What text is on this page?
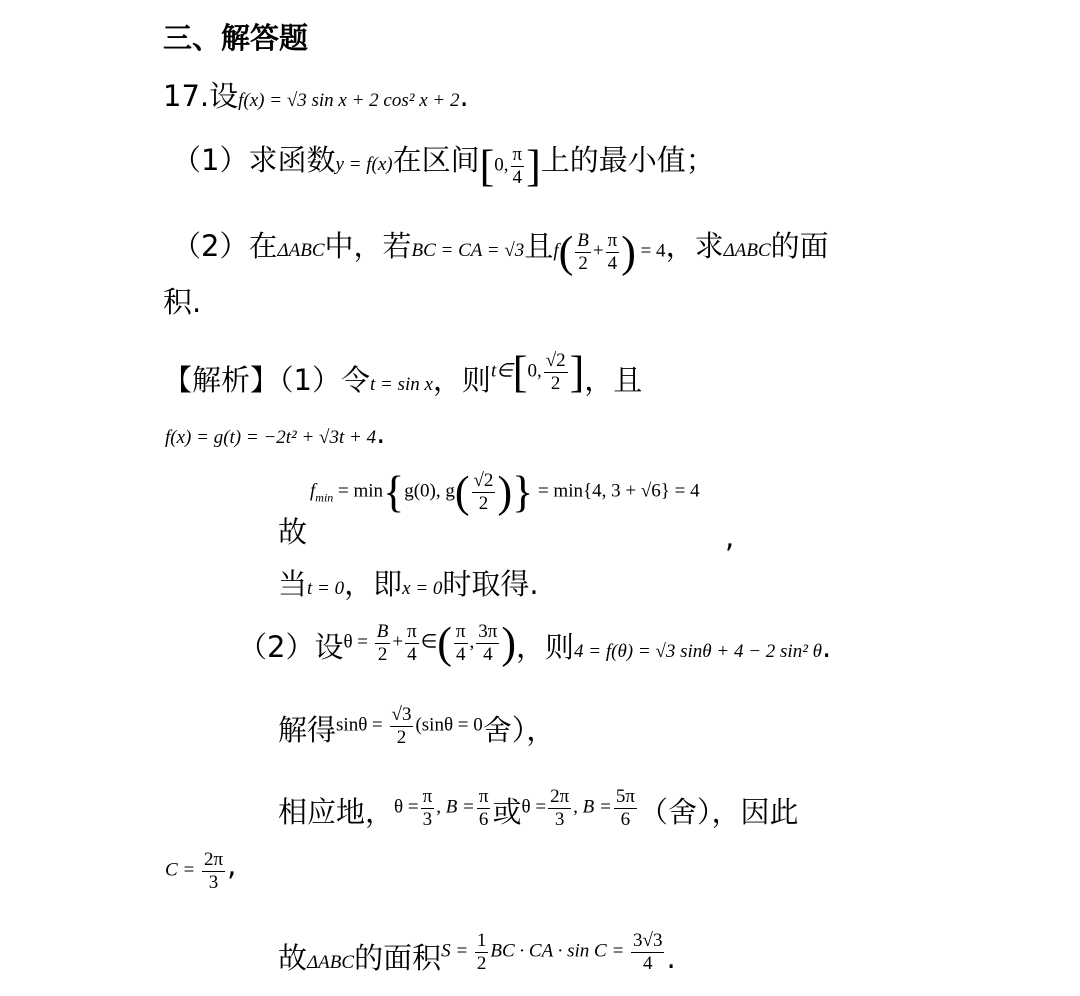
三、解答题
17.设f(x) = √3 sin x + 2 cos² x + 2.
（1）求函数y = f(x)在区间[0, $\frac{\pi}{4}$ ]上的最小值；
（2）在ΔABC中，若BC = CA = √3且$f( \frac{B}{2} + \frac{\pi}{4}$ ) = 4，求ΔABC的面
积.
【解析】（1）令t = sin x，则t∈[0, $\frac{√2}{2}$ ]，且
f(x) = g(t) = −2t² + √3t + 4.
$f_{min} = \min\{g(0)$, $g( \frac{√2}{2}$ )} = min{4, 3 + √6} = 4
故	,
当t = 0，即x = 0时取得.
（2）设$\theta = \frac{B}{2} + \frac{\pi}{4}$ ∈( $\frac{\pi}{4}$ , $\frac{3\pi}{4}$ )，则4 = f(θ) = √3 sinθ + 4 − 2 sin² θ.
解得$\sin\theta = \frac{√3}{2} (\sin\theta = 0$舍），
相应地，$\theta = \frac{\pi}{3}$ , $B = \frac{\pi}{6}$ 或$\theta = \frac{2\pi}{3}$ , $B = \frac{5\pi}{6}$ （舍），因此
$C = \frac{2\pi}{3}$ ,
故ΔABC的面积$S = \frac{1}{2}$ BC · CA · $\sin C = \frac{3√3}{4}$ .
